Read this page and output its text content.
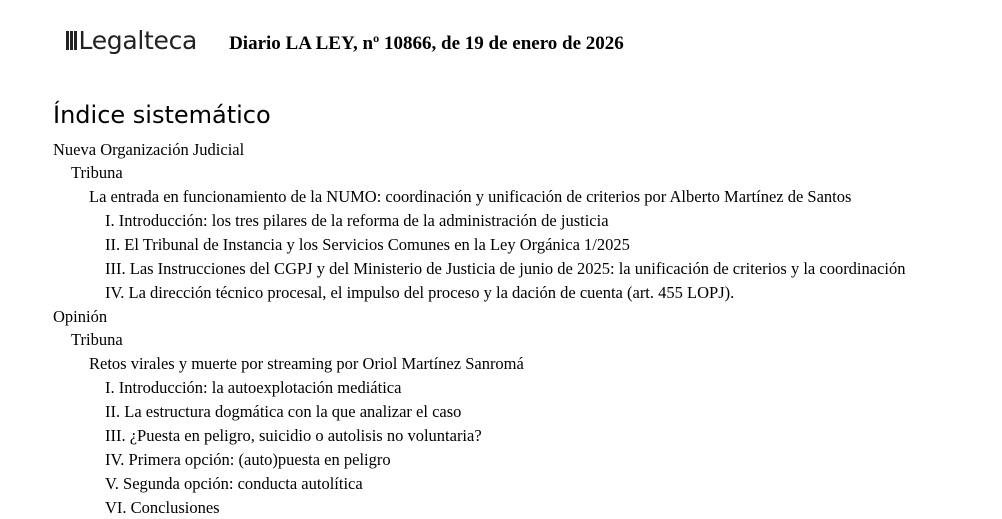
Legalteca Diario LA LEY, nº 10866, de 19 de enero de 2026
Índice sistemático
Nueva Organización Judicial
Tribuna
La entrada en funcionamiento de la NUMO: coordinación y unificación de criterios por Alberto Martínez de Santos
I. Introducción: los tres pilares de la reforma de la administración de justicia
II. El Tribunal de Instancia y los Servicios Comunes en la Ley Orgánica 1/2025
III. Las Instrucciones del CGPJ y del Ministerio de Justicia de junio de 2025: la unificación de criterios y la coordinación
IV. La dirección técnico procesal, el impulso del proceso y la dación de cuenta (art. 455 LOPJ).
Opinión
Tribuna
Retos virales y muerte por streaming por Oriol Martínez Sanromá
I. Introducción: la autoexplotación mediática
II. La estructura dogmática con la que analizar el caso
III. ¿Puesta en peligro, suicidio o autolisis no voluntaria?
IV. Primera opción: (auto)puesta en peligro
V. Segunda opción: conducta autolítica
VI. Conclusiones
